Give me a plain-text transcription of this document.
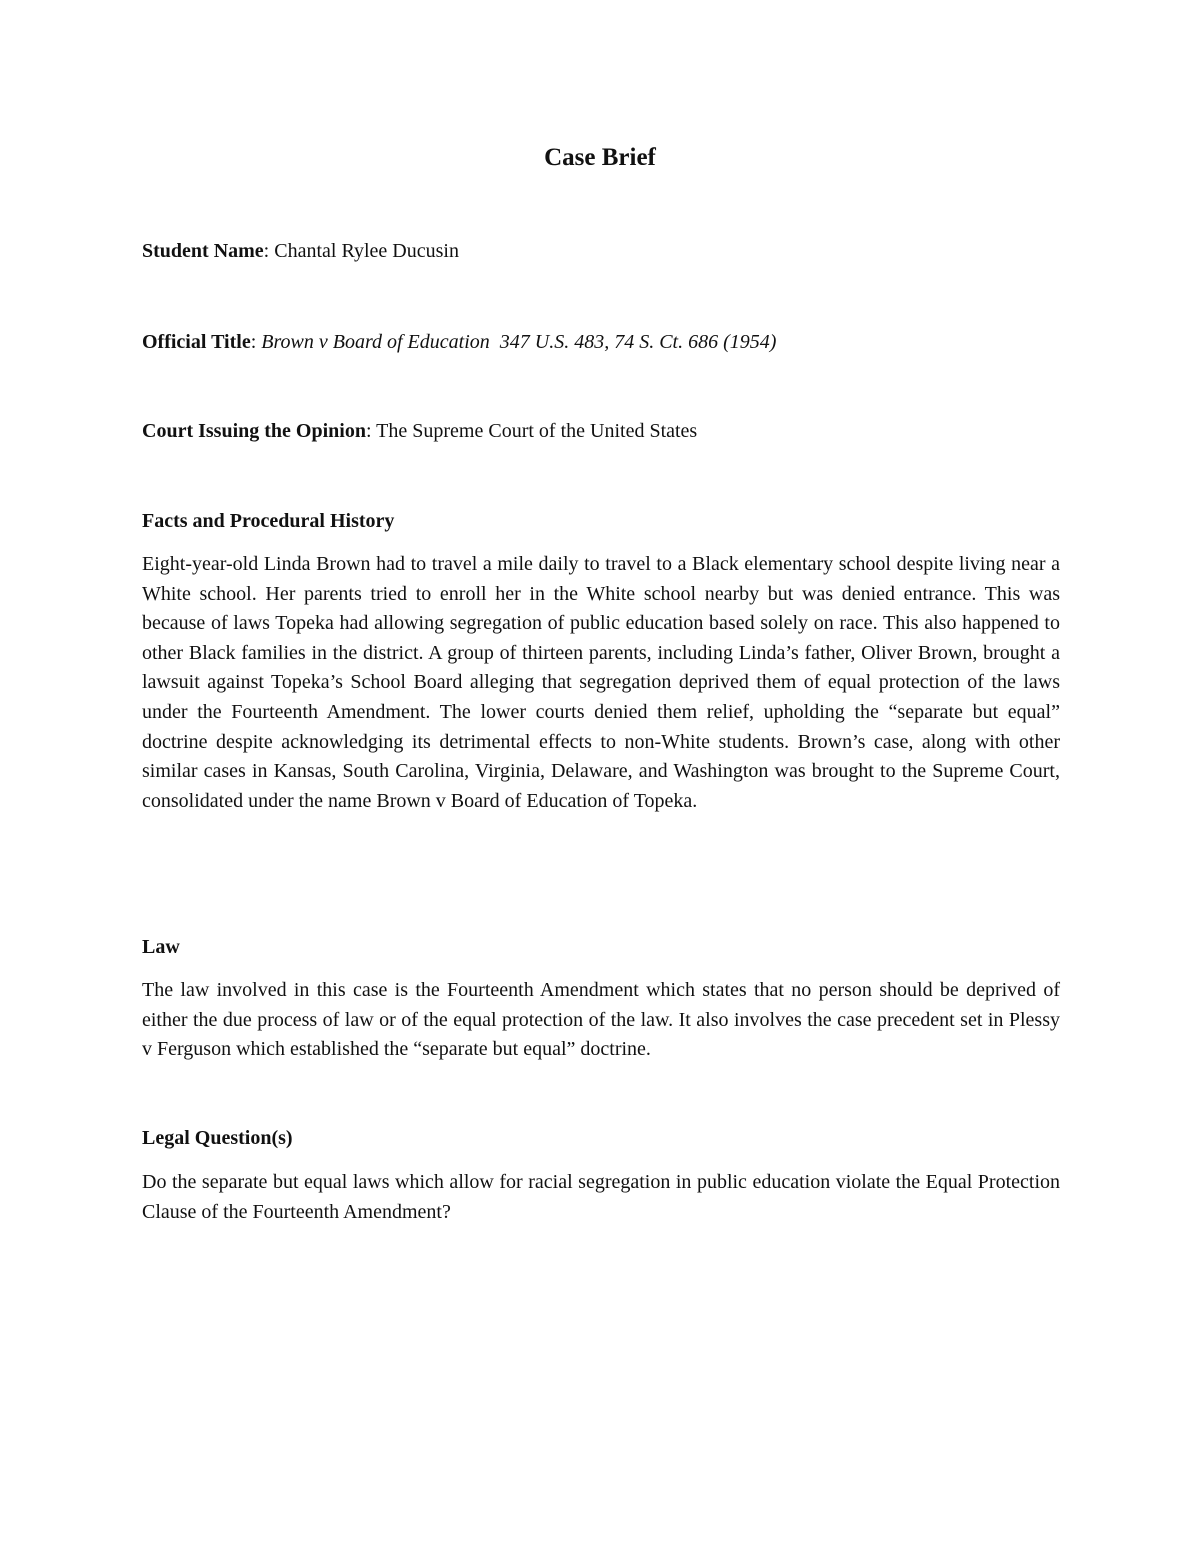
Case Brief

Student Name: Chantal Rylee Ducusin

Official Title: Brown v Board of Education  347 U.S. 483, 74 S. Ct. 686 (1954)

Court Issuing the Opinion: The Supreme Court of the United States

Facts and Procedural History

Eight-year-old Linda Brown had to travel a mile daily to travel to a Black elementary school despite living near a White school. Her parents tried to enroll her in the White school nearby but was denied entrance. This was because of laws Topeka had allowing segregation of public education based solely on race. This also happened to other Black families in the district. A group of thirteen parents, including Linda’s father, Oliver Brown, brought a lawsuit against Topeka’s School Board alleging that segregation deprived them of equal protection of the laws under the Fourteenth Amendment. The lower courts denied them relief, upholding the “separate but equal” doctrine despite acknowledging its detrimental effects to non-White students. Brown’s case, along with other similar cases in Kansas, South Carolina, Virginia, Delaware, and Washington was brought to the Supreme Court, consolidated under the name Brown v Board of Education of Topeka.

Law

The law involved in this case is the Fourteenth Amendment which states that no person should be deprived of either the due process of law or of the equal protection of the law. It also involves the case precedent set in Plessy v Ferguson which established the “separate but equal” doctrine.

Legal Question(s)

Do the separate but equal laws which allow for racial segregation in public education violate the Equal Protection Clause of the Fourteenth Amendment?
